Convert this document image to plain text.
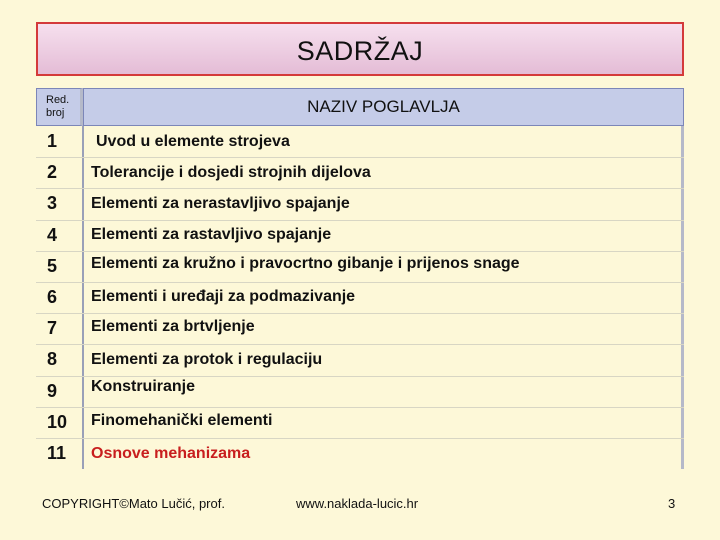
SADRŽAJ
Red.
broj	NAZIV POGLAVLJA
1	Uvod u elemente strojeva
2	Tolerancije i dosjedi strojnih dijelova
3	Elementi za nerastavljivo spajanje
4	Elementi za rastavljivo spajanje
5	Elementi za kružno i pravocrtno gibanje i prijenos snage
6	Elementi i uređaji za podmazivanje
7	Elementi za brtvljenje
8	Elementi za protok i regulaciju
9	Konstruiranje
10	Finomehanički elementi
11	Osnove mehanizama
COPYRIGHT©Mato Lučić, prof.	www.naklada-lucic.hr	3
